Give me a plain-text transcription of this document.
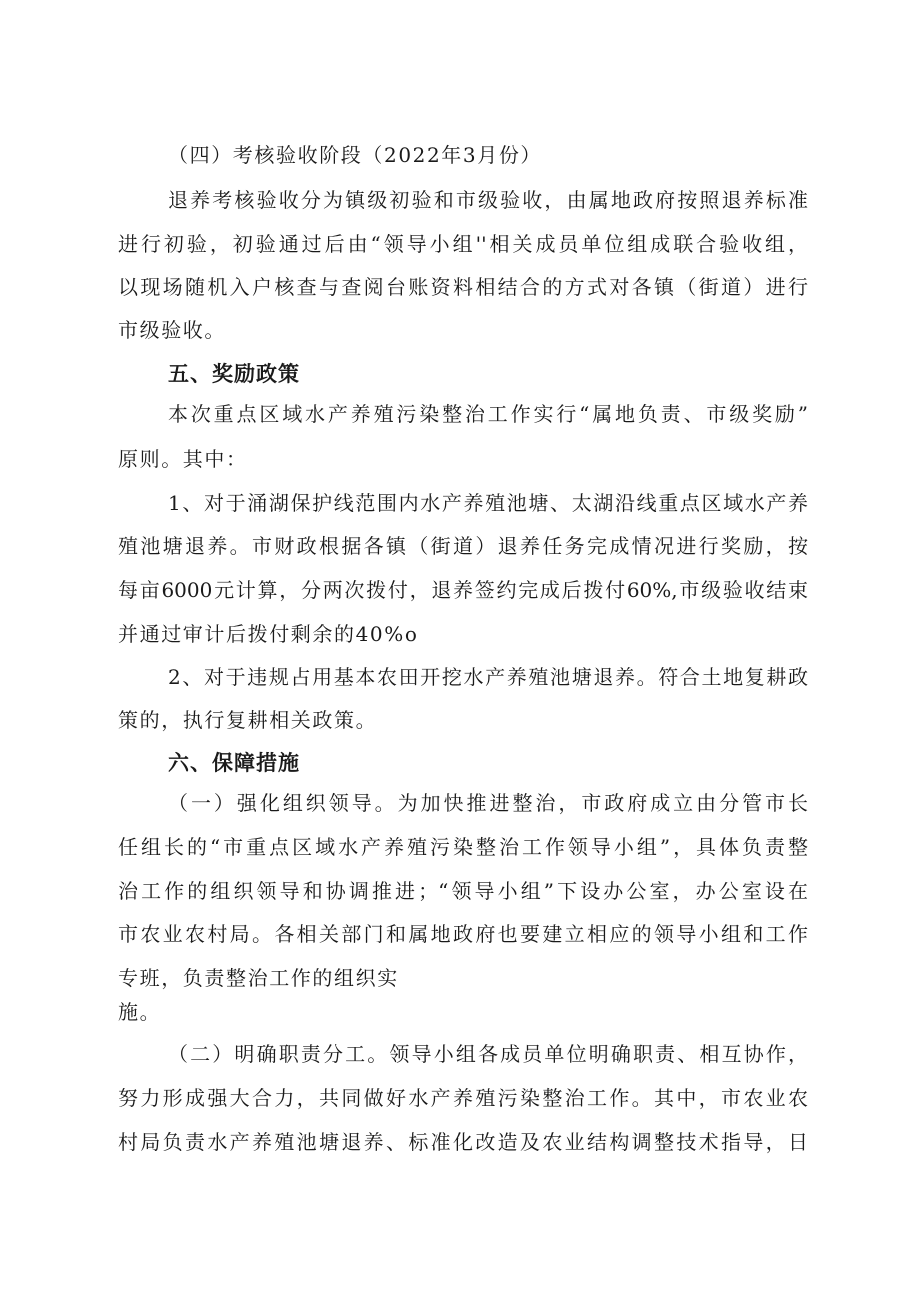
（四）考核验收阶段（2022年3月份）
退养考核验收分为镇级初验和市级验收，由属地政府按照退养标准
进行初验，初验通过后由“领导小组''相关成员单位组成联合验收组，
以现场随机入户核查与查阅台账资料相结合的方式对各镇（街道）进行
市级验收。
五、奖励政策
本次重点区域水产养殖污染整治工作实行“属地负责、市级奖励”
原则。其中：
1、对于涌湖保护线范围内水产养殖池塘、太湖沿线重点区域水产养
殖池塘退养。市财政根据各镇（街道）退养任务完成情况进行奖励，按
每亩6000元计算，分两次拨付，退养签约完成后拨付60%,市级验收结束
并通过审计后拨付剩余的40%o
2、对于违规占用基本农田开挖水产养殖池塘退养。符合土地复耕政
策的，执行复耕相关政策。
六、保障措施
（一）强化组织领导。为加快推进整治，市政府成立由分管市长
任组长的“市重点区域水产养殖污染整治工作领导小组”，具体负责整
治工作的组织领导和协调推进；“领导小组”下设办公室，办公室设在
市农业农村局。各相关部门和属地政府也要建立相应的领导小组和工作
专班，负责整治工作的组织实
施。
（二）明确职责分工。领导小组各成员单位明确职责、相互协作，
努力形成强大合力，共同做好水产养殖污染整治工作。其中，市农业农
村局负责水产养殖池塘退养、标准化改造及农业结构调整技术指导，日
